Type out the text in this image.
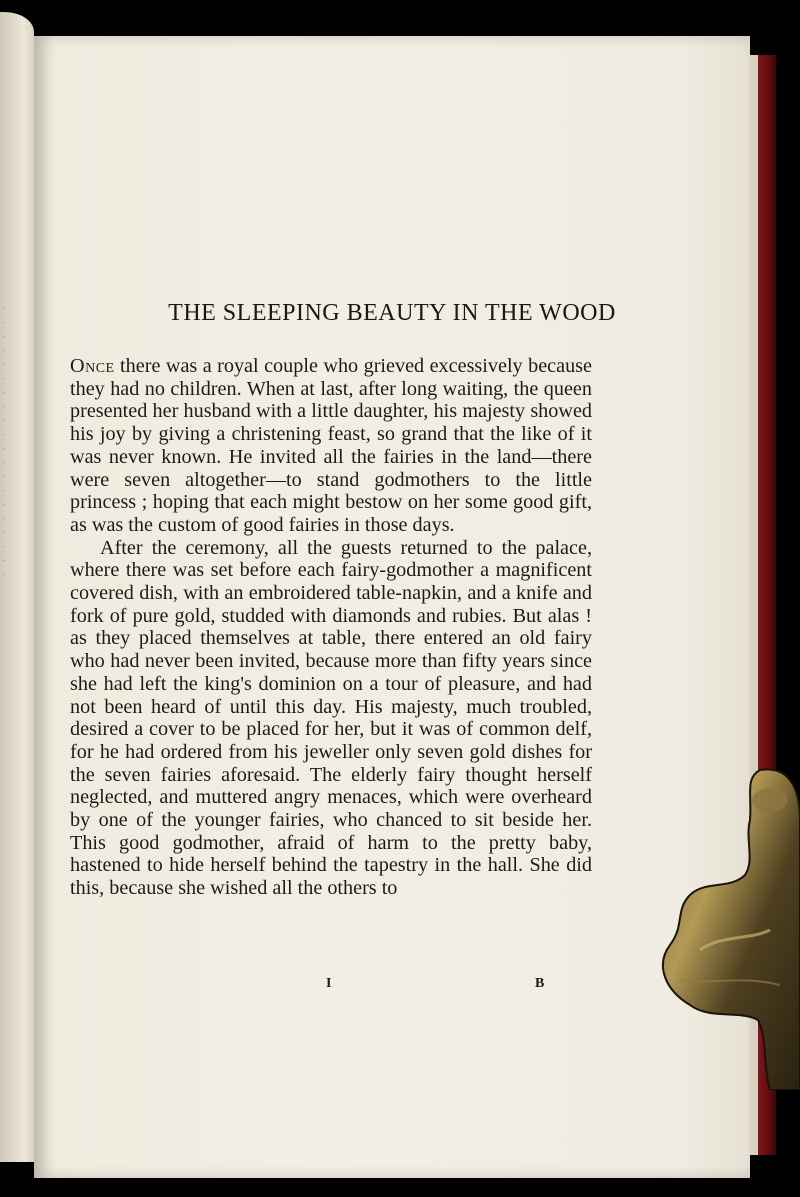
·
·
·
·
·
·
·
·
·
·
·
·
·
·
·
·
·
·
·
·
THE SLEEPING BEAUTY IN THE WOOD

Once there was a royal couple who grieved excessively because they had no children. When at last, after long waiting, the queen presented her husband with a little daughter, his majesty showed his joy by giving a christening feast, so grand that the like of it was never known. He invited all the fairies in the land—there were seven altogether—to stand godmothers to the little princess ; hoping that each might bestow on her some good gift, as was the custom of good fairies in those days.

After the ceremony, all the guests returned to the palace, where there was set before each fairy-godmother a magnificent covered dish, with an embroidered table-napkin, and a knife and fork of pure gold, studded with diamonds and rubies. But alas ! as they placed themselves at table, there entered an old fairy who had never been invited, because more than fifty years since she had left the king's dominion on a tour of pleasure, and had not been heard of until this day. His majesty, much troubled, desired a cover to be placed for her, but it was of common delf, for he had ordered from his jeweller only seven gold dishes for the seven fairies aforesaid. The elderly fairy thought herself neglected, and muttered angry menaces, which were overheard by one of the younger fairies, who chanced to sit beside her. This good godmother, afraid of harm to the pretty baby, hastened to hide herself behind the tapestry in the hall. She did this, because she wished all the others to

I	B
